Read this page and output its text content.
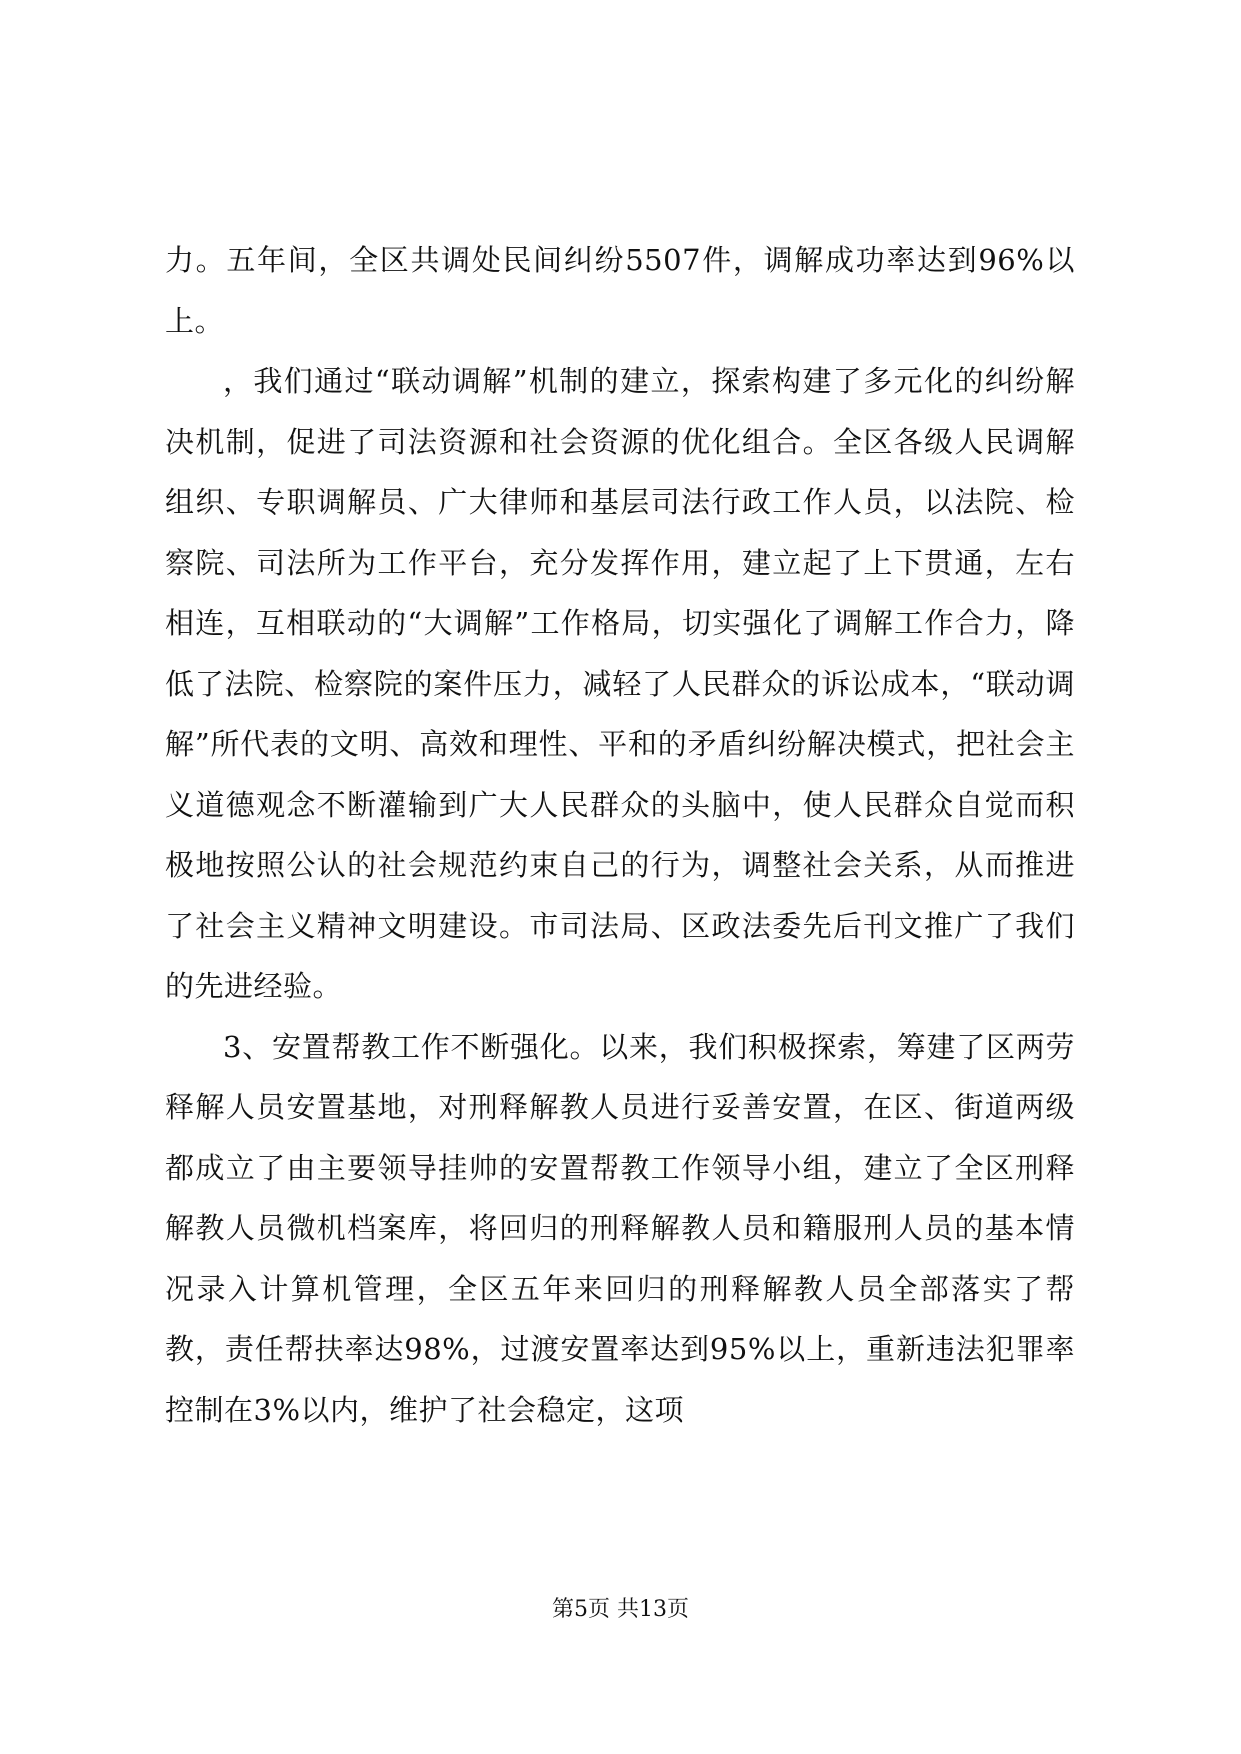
力。五年间，全区共调处民间纠纷5507件，调解成功率达到96%以上。

，我们通过“联动调解”机制的建立，探索构建了多元化的纠纷解决机制，促进了司法资源和社会资源的优化组合。全区各级人民调解组织、专职调解员、广大律师和基层司法行政工作人员，以法院、检察院、司法所为工作平台，充分发挥作用，建立起了上下贯通，左右相连，互相联动的“大调解”工作格局，切实强化了调解工作合力，降低了法院、检察院的案件压力，减轻了人民群众的诉讼成本，“联动调解”所代表的文明、高效和理性、平和的矛盾纠纷解决模式，把社会主义道德观念不断灌输到广大人民群众的头脑中，使人民群众自觉而积极地按照公认的社会规范约束自己的行为，调整社会关系，从而推进了社会主义精神文明建设。市司法局、区政法委先后刊文推广了我们的先进经验。

3、安置帮教工作不断强化。以来，我们积极探索，筹建了区两劳释解人员安置基地，对刑释解教人员进行妥善安置，在区、街道两级都成立了由主要领导挂帅的安置帮教工作领导小组，建立了全区刑释解教人员微机档案库，将回归的刑释解教人员和籍服刑人员的基本情况录入计算机管理，全区五年来回归的刑释解教人员全部落实了帮教，责任帮扶率达98%，过渡安置率达到95%以上，重新违法犯罪率控制在3%以内，维护了社会稳定，这项

第5页 共13页
